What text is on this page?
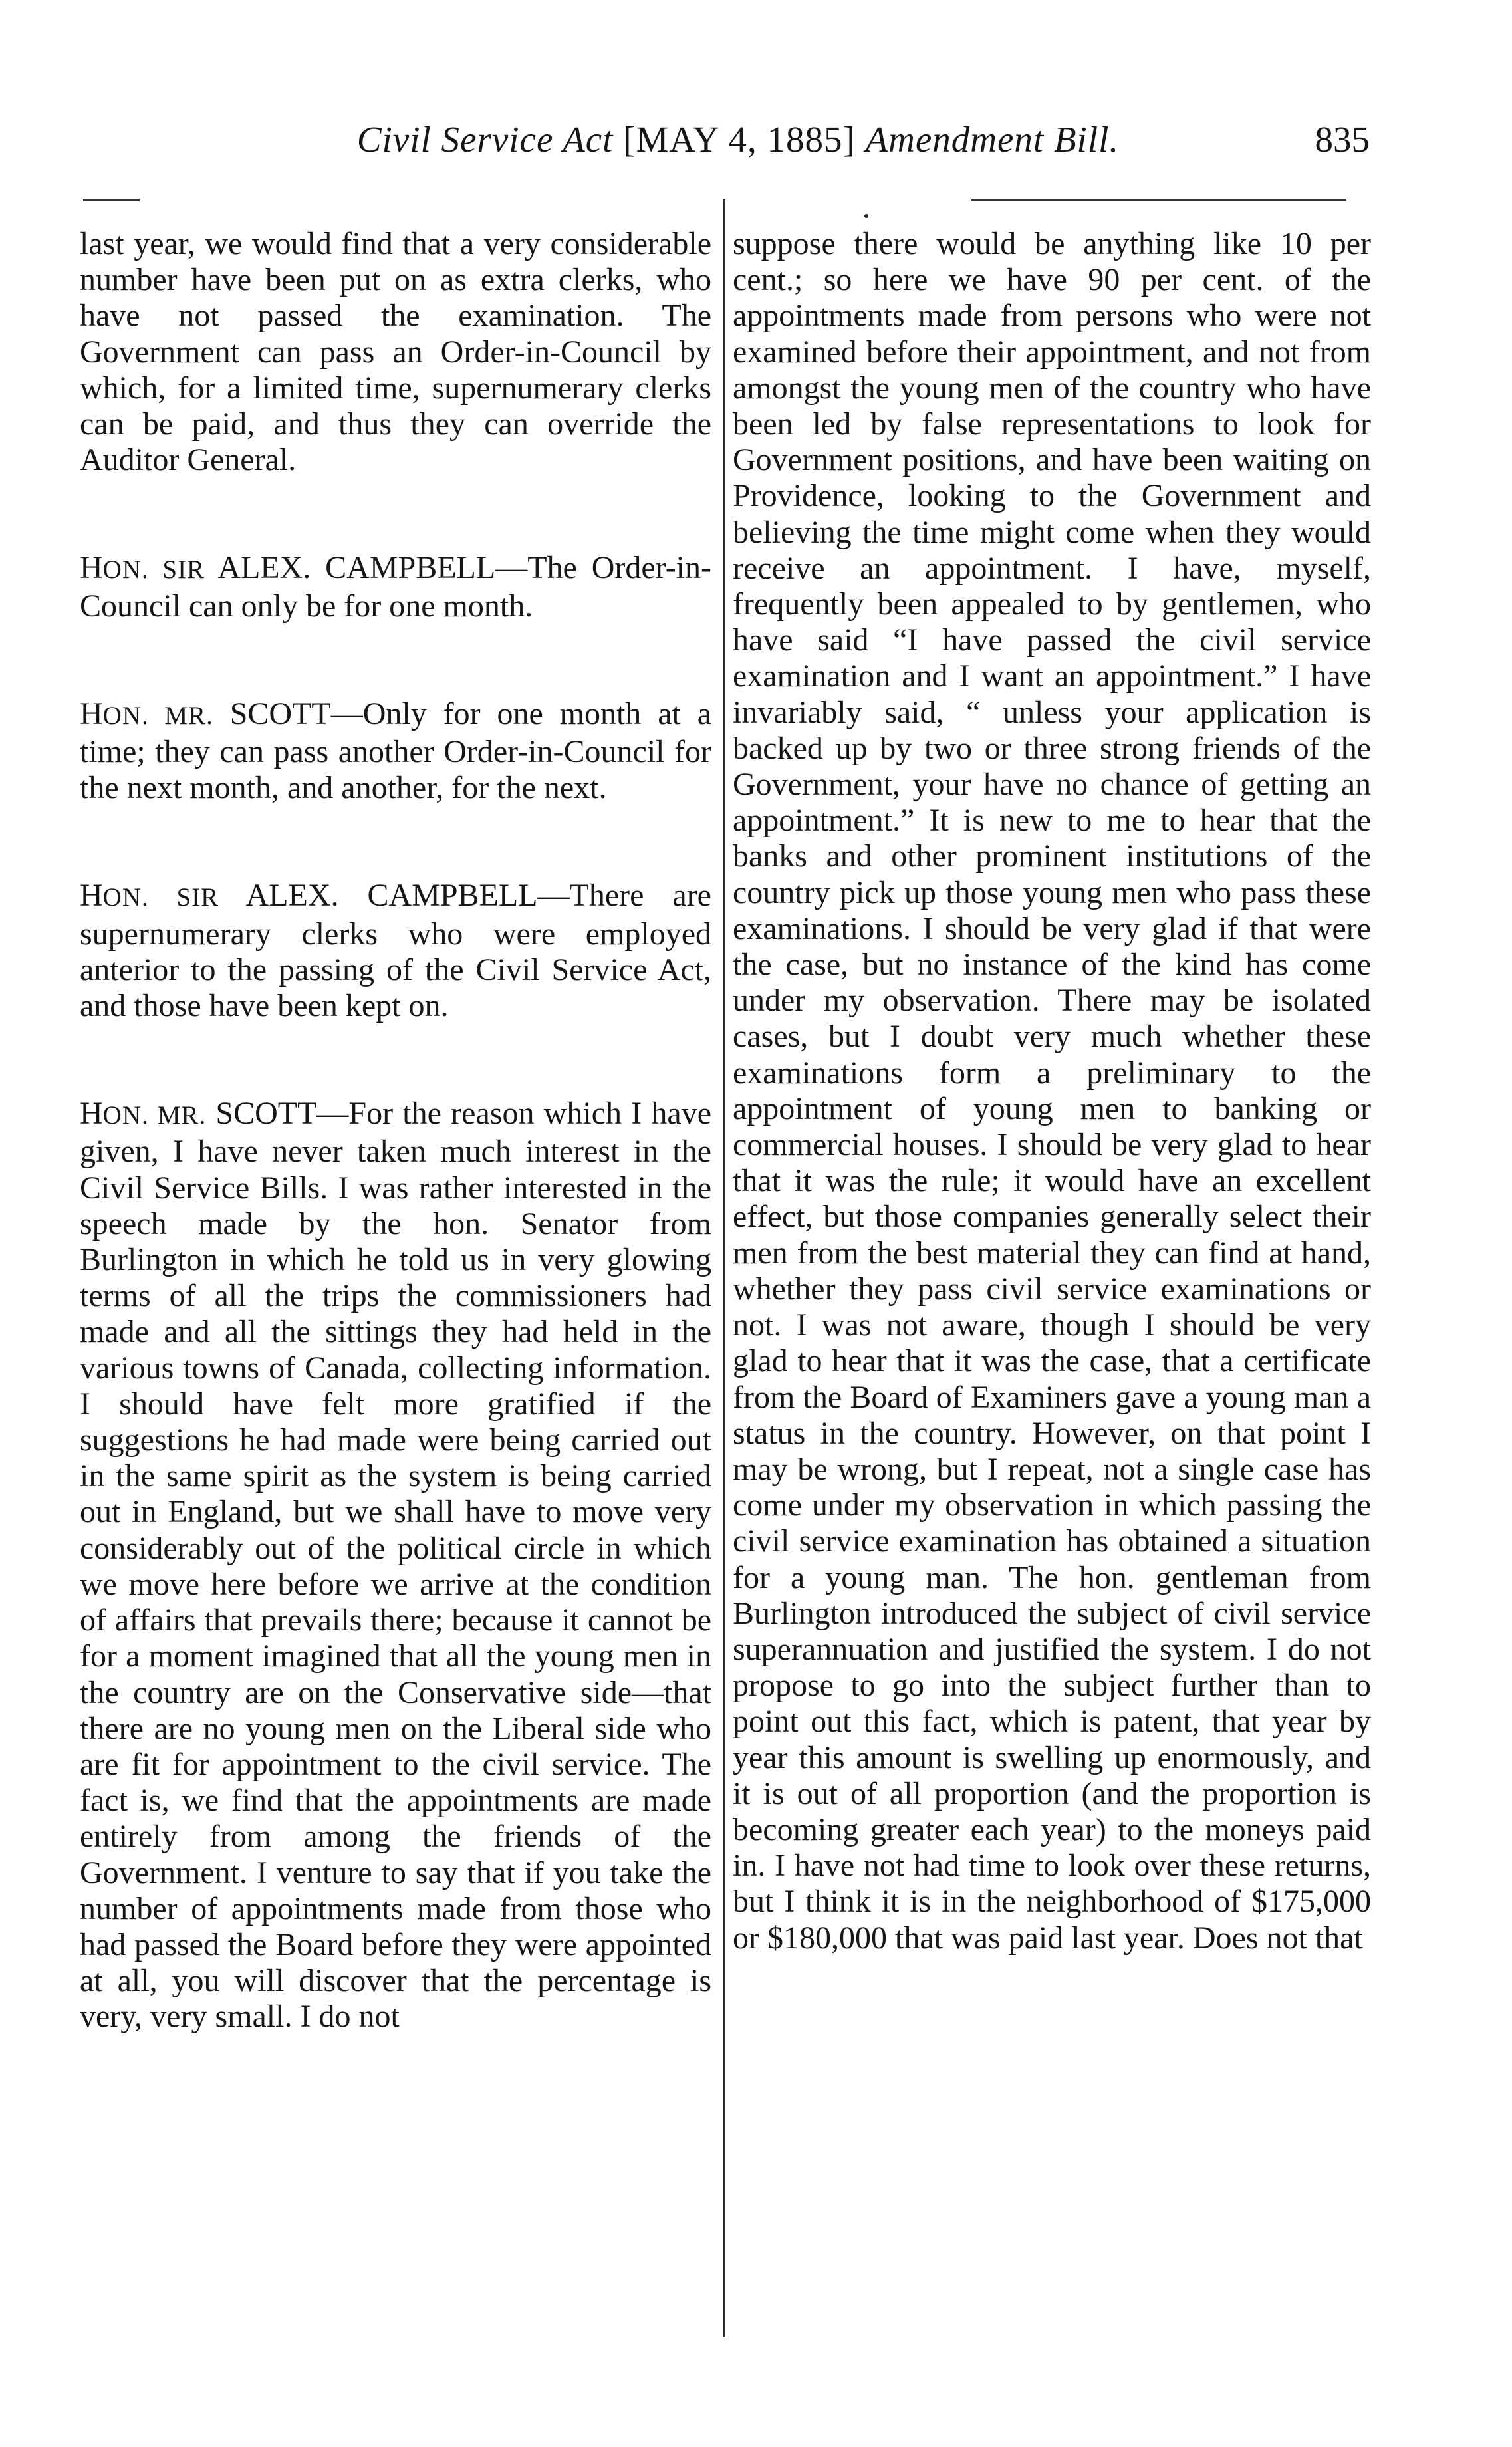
Civil Service Act [MAY 4, 1885] Amendment Bill.	835

last year, we would find that a very considerable number have been put on as extra clerks, who have not passed the examination. The Government can pass an Order-in-Council by which, for a limited time, supernumerary clerks can be paid, and thus they can override the Auditor General.

HON. SIR ALEX. CAMPBELL—The Order-in-Council can only be for one month.

HON. MR. SCOTT—Only for one month at a time; they can pass another Order-in-Council for the next month, and another, for the next.

HON. SIR ALEX. CAMPBELL—There are supernumerary clerks who were employed anterior to the passing of the Civil Service Act, and those have been kept on.

HON. MR. SCOTT—For the reason which I have given, I have never taken much interest in the Civil Service Bills. I was rather interested in the speech made by the hon. Senator from Burlington in which he told us in very glowing terms of all the trips the commissioners had made and all the sittings they had held in the various towns of Canada, collecting information. I should have felt more gratified if the suggestions he had made were being carried out in the same spirit as the system is being carried out in England, but we shall have to move very considerably out of the political circle in which we move here before we arrive at the condition of affairs that prevails there; because it cannot be for a moment imagined that all the young men in the country are on the Conservative side—that there are no young men on the Liberal side who are fit for appointment to the civil service. The fact is, we find that the appointments are made entirely from among the friends of the Government. I venture to say that if you take the number of appointments made from those who had passed the Board before they were appointed at all, you will discover that the percentage is very, very small. I do not

suppose there would be anything like 10 per cent.; so here we have 90 per cent. of the appointments made from persons who were not examined before their appointment, and not from amongst the young men of the country who have been led by false representations to look for Government positions, and have been waiting on Providence, looking to the Government and believing the time might come when they would receive an appointment. I have, myself, frequently been appealed to by gentlemen, who have said “I have passed the civil service examination and I want an appointment.” I have invariably said, “ unless your application is backed up by two or three strong friends of the Government, your have no chance of getting an appointment.” It is new to me to hear that the banks and other prominent institutions of the country pick up those young men who pass these examinations. I should be very glad if that were the case, but no instance of the kind has come under my observation. There may be isolated cases, but I doubt very much whether these examinations form a preliminary to the appointment of young men to banking or commercial houses. I should be very glad to hear that it was the rule; it would have an excellent effect, but those companies generally select their men from the best material they can find at hand, whether they pass civil service examinations or not. I was not aware, though I should be very glad to hear that it was the case, that a certificate from the Board of Examiners gave a young man a status in the country. However, on that point I may be wrong, but I repeat, not a single case has come under my observation in which passing the civil service examination has obtained a situation for a young man. The hon. gentleman from Burlington introduced the subject of civil service superannuation and justified the system. I do not propose to go into the subject further than to point out this fact, which is patent, that year by year this amount is swelling up enormously, and it is out of all proportion (and the proportion is becoming greater each year) to the moneys paid in. I have not had time to look over these returns, but I think it is in the neighborhood of $175,000 or $180,000 that was paid last year. Does not that
